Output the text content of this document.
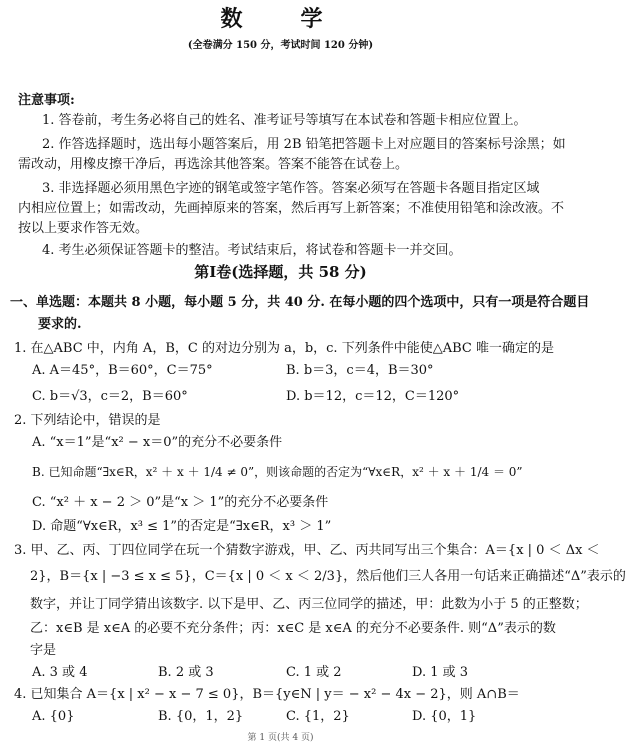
数　学
(全卷满分 150 分，考试时间 120 分钟)
注意事项:
1. 答卷前，考生务必将自己的姓名、准考证号等填写在本试卷和答题卡相应位置上。
2. 作答选择题时，选出每小题答案后，用 2B 铅笔把答题卡上对应题目的答案标号涂黑；如
需改动，用橡皮擦干净后，再选涂其他答案。答案不能答在试卷上。
3. 非选择题必须用黑色字迹的钢笔或签字笔作答。答案必须写在答题卡各题目指定区域
内相应位置上；如需改动，先画掉原来的答案，然后再写上新答案；不准使用铅笔和涂改液。不
按以上要求作答无效。
4. 考生必须保证答题卡的整洁。考试结束后，将试卷和答题卡一并交回。
第Ⅰ卷(选择题，共 58 分)
一、单选题：本题共 8 小题，每小题 5 分，共 40 分. 在每小题的四个选项中，只有一项是符合题目
要求的.
1. 在△ABC 中，内角 A，B，C 的对边分别为 a，b，c. 下列条件中能使△ABC 唯一确定的是
A. A＝45°，B＝60°，C＝75°	B. b＝3，c＝4，B＝30°
C. b＝√3，c＝2，B＝60°	D. b＝12，c＝12，C＝120°
2. 下列结论中，错误的是
A. “x＝1”是“x² − x＝0”的充分不必要条件
B. 已知命题“∃x∈R，x² ＋ x ＋ 1/4 ≠ 0”，则该命题的否定为“∀x∈R，x² ＋ x ＋ 1/4 ＝ 0”
C. “x² ＋ x − 2 ＞ 0”是“x ＞ 1”的充分不必要条件
D. 命题“∀x∈R，x³ ≤ 1”的否定是“∃x∈R，x³ ＞ 1”
3. 甲、乙、丙、丁四位同学在玩一个猜数字游戏，甲、乙、丙共同写出三个集合：A＝{x | 0 ＜ Δx ＜
2}，B＝{x | −3 ≤ x ≤ 5}，C＝{x | 0 ＜ x ＜ 2/3}，然后他们三人各用一句话来正确描述“Δ”表示的
数字，并让丁同学猜出该数字. 以下是甲、乙、丙三位同学的描述，甲：此数为小于 5 的正整数；
乙：x∈B 是 x∈A 的必要不充分条件；丙：x∈C 是 x∈A 的充分不必要条件. 则“Δ”表示的数
字是
A. 3 或 4	B. 2 或 3	C. 1 或 2	D. 1 或 3
4. 已知集合 A＝{x | x² − x − 7 ≤ 0}，B＝{y∈N | y＝ − x² − 4x − 2}，则 A∩B＝
A. {0}	B. {0，1，2}	C. {1，2}	D. {0，1}
第 1 页(共 4 页)
